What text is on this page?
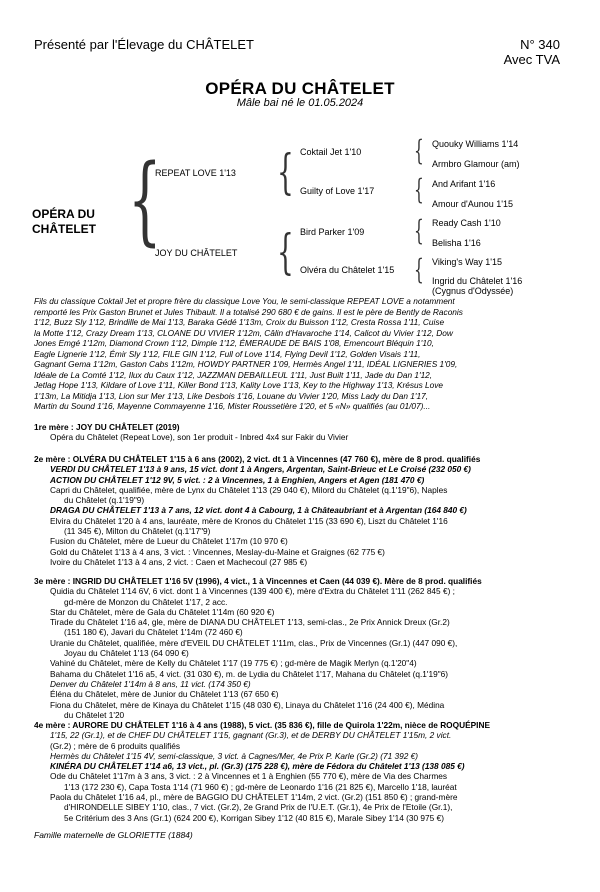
Présenté par l'Élevage du CHÂTELET	N° 340
Avec TVA
OPÉRA DU CHÂTELET
Mâle bai né le 01.05.2024
OPÉRA DU
CHÂTELET {
REPEAT LOVE 1'13
JOY DU CHÂTELET
{
{
Coktail Jet 1'10
Guilty of Love 1'17
Bird Parker 1'09
Olvéra du Châtelet 1'15
{
{
{
{
Quouky Williams 1'14
Armbro Glamour (am)
And Arifant 1'16
Amour d'Aunou 1'15
Ready Cash 1'10
Belisha 1'16
Viking's Way 1'15
Ingrid du Châtelet 1'16
(Cygnus d'Odyssée)
Fils du classique Coktail Jet et propre frère du classique Love You, le semi-classique REPEAT LOVE a notamment
remporté les Prix Gaston Brunet et Jules Thibault. Il a totalisé 290 680 € de gains. Il est le père de Bently de Raconis
1'12, Buzz Sly 1'12, Brindille de Mai 1'13, Baraka Gédé 1'13m, Croix du Buisson 1'12, Cresta Rossa 1'11, Cuise
la Motte 1'12, Crazy Dream 1'13, CLOANE DU VIVIER 1'12m, Câlin d'Havaroche 1'14, Calicot du Vivier 1'12, Dow
Jones Emgé 1'12m, Diamond Crown 1'12, Dimple 1'12, ÉMERAUDE DE BAIS 1'08, Emencourt Bléquin 1'10,
Eagle Lignerie 1'12, Émir Sly 1'12, FILE GIN 1'12, Full of Love 1'14, Flying Devil 1'12, Golden Visais 1'11,
Gagnant Gema 1'12m, Gaston Cabs 1'12m, HOWDY PARTNER 1'09, Hermès Angel 1'11, IDÉAL LIGNERIES 1'09,
Idéale de La Comté 1'12, Ilux du Caux 1'12, JAZZMAN DEBAILLEUL 1'11, Just Built 1'11, Jade du Dan 1'12,
Jetlag Hope 1'13, Kildare of Love 1'11, Killer Bond 1'13, Kality Love 1'13, Key to the Highway 1'13, Krésus Love
1'13m, La Mitidja 1'13, Lion sur Mer 1'13, Like Desbois 1'16, Louane du Vivier 1'20, Miss Lady du Dan 1'17,
Martin du Sound 1'16, Mayenne Commayenne 1'16, Mister Roussetière 1'20, et 5 «N» qualifiés (au 01/07)...
1re mère : JOY DU CHÂTELET (2019)
Opéra du Châtelet (Repeat Love), son 1er produit - Inbred 4x4 sur Fakir du Vivier
2e mère : OLVÉRA DU CHÂTELET 1'15 à 6 ans (2002), 2 vict. dt 1 à Vincennes (47 760 €), mère de 8 prod. qualifiés
VERDI DU CHÂTELET 1'13 à 9 ans, 15 vict. dont 1 à Angers, Argentan, Saint-Brieuc et Le Croisé (232 050 €)
ACTION DU CHÂTELET 1'12 9V, 5 vict. : 2 à Vincennes, 1 à Enghien, Angers et Agen (181 470 €)
Capri du Châtelet, qualifiée, mère de Lynx du Châtelet 1'13 (29 040 €), Milord du Châtelet (q.1'19"6), Naples
du Châtelet (q.1'19"9)
DRAGA DU CHÂTELET 1'13 à 7 ans, 12 vict. dont 4 à Cabourg, 1 à Châteaubriant et à Argentan (164 840 €)
Elvira du Châtelet 1'20 à 4 ans, lauréate, mère de Kronos du Châtelet 1'15 (33 690 €), Liszt du Châtelet 1'16
(11 345 €), Milton du Châtelet (q.1'17"9)
Fusion du Châtelet, mère de Lueur du Châtelet 1'17m (10 970 €)
Gold du Châtelet 1'13 à 4 ans, 3 vict. : Vincennes, Meslay-du-Maine et Graignes (62 775 €)
Ivoire du Châtelet 1'13 à 4 ans, 2 vict. : Caen et Machecoul (27 985 €)
3e mère : INGRID DU CHÂTELET 1'16 5V (1996), 4 vict., 1 à Vincennes et Caen (44 039 €). Mère de 8 prod. qualifiés
Quidia du Châtelet 1'14 6V, 6 vict. dont 1 à Vincennes (139 400 €), mère d'Extra du Châtelet 1'11 (262 845 €) ;
gd-mère de Monzon du Châtelet 1'17, 2 acc.
Star du Châtelet, mère de Gala du Châtelet 1'14m (60 920 €)
Tirade du Châtelet 1'16 a4, gle, mère de DIANA DU CHÂTELET 1'13, semi-clas., 2e Prix Annick Dreux (Gr.2)
(151 180 €), Javari du Châtelet 1'14m (72 460 €)
Uranie du Châtelet, qualifiée, mère d'EVEIL DU CHÂTELET 1'11m, clas., Prix de Vincennes (Gr.1) (447 090 €),
Joyau du Châtelet 1'13 (64 090 €)
Vahiné du Châtelet, mère de Kelly du Châtelet 1'17 (19 775 €) ; gd-mère de Magik Merlyn (q.1'20"4)
Bahama du Châtelet 1'16 a5, 4 vict. (31 030 €), m. de Lydia du Châtelet 1'17, Mahana du Châtelet (q.1'19"6)
Denver du Châtelet 1'14m à 8 ans, 11 vict. (174 350 €)
Éléna du Châtelet, mère de Junior du Châtelet 1'13 (67 650 €)
Fiona du Châtelet, mère de Kinaya du Châtelet 1'15 (48 030 €), Linaya du Châtelet 1'16 (24 400 €), Médina
du Châtelet 1'20
4e mère : AURORE DU CHÂTELET 1'16 à 4 ans (1988), 5 vict. (35 836 €), fille de Quirola 1'22m, nièce de ROQUÉPINE
1'15, 22 (Gr.1), et de CHEF DU CHÂTELET 1'15, gagnant (Gr.3), et de DERBY DU CHÂTELET 1'15m, 2 vict.
(Gr.2) ; mère de 6 produits qualifiés
Hermès du Châtelet 1'15 4V, semi-classique, 3 vict. à Cagnes/Mer, 4e Prix P. Karle (Gr.2) (71 392 €)
KINÉRA DU CHÂTELET 1'14 a6, 13 vict., pl. (Gr.3) (175 228 €), mère de Fédora du Châtelet 1'13 (138 085 €)
Ode du Châtelet 1'17m à 3 ans, 3 vict. : 2 à Vincennes et 1 à Enghien (55 770 €), mère de Via des Charmes
1'13 (172 230 €), Capa Tosta 1'14 (71 960 €) ; gd-mère de Leonardo 1'16 (21 825 €), Marcello 1'18, lauréat
Paola du Châtelet 1'16 a4, pl., mère de BAGGIO DU CHÂTELET 1'14m, 2 vict. (Gr.2) (151 850 €) ; grand-mère
d'HIRONDELLE SIBEY 1'10, clas., 7 vict. (Gr.2), 2e Grand Prix de l'U.E.T. (Gr.1), 4e Prix de l'Etoile (Gr.1),
5e Critérium des 3 Ans (Gr.1) (624 200 €), Korrigan Sibey 1'12 (40 815 €), Marale Sibey 1'14 (30 975 €)
Famille maternelle de GLORIETTE (1884)
